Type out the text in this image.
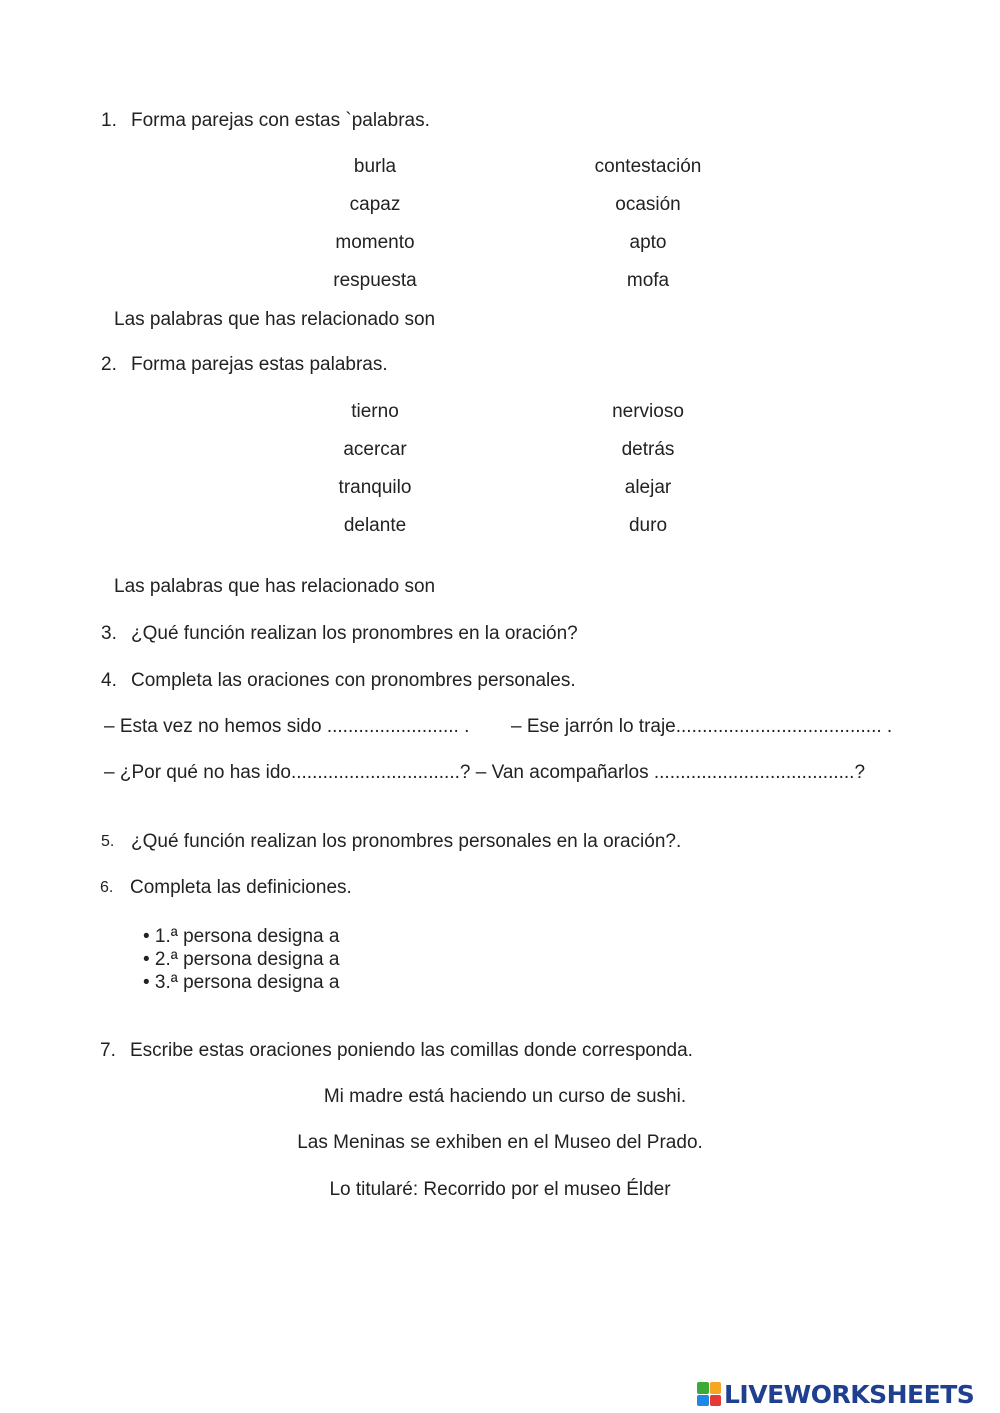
1. Forma parejas con estas `palabras.
burla
capaz
momento
respuesta
contestación
ocasión
apto
mofa
Las palabras que has relacionado son
2. Forma parejas estas palabras.
tierno
acercar
tranquilo
delante
nervioso
detrás
alejar
duro
Las palabras que has relacionado son
3. ¿Qué función realizan los pronombres en la oración?
4. Completa las oraciones con pronombres personales.
– Esta vez no hemos sido ......................... . – Ese jarrón lo traje....................................... .
– ¿Por qué no has ido................................? – Van acompañarlos ......................................?
5. ¿Qué función realizan los pronombres personales en la oración?.
6. Completa las definiciones.
• 1.ª persona designa a
• 2.ª persona designa a
• 3.ª persona designa a
7. Escribe estas oraciones poniendo las comillas donde corresponda.
Mi madre está haciendo un curso de sushi.
Las Meninas se exhiben en el Museo del Prado.
Lo titularé: Recorrido por el museo Élder
LIVEWORKSHEETS
